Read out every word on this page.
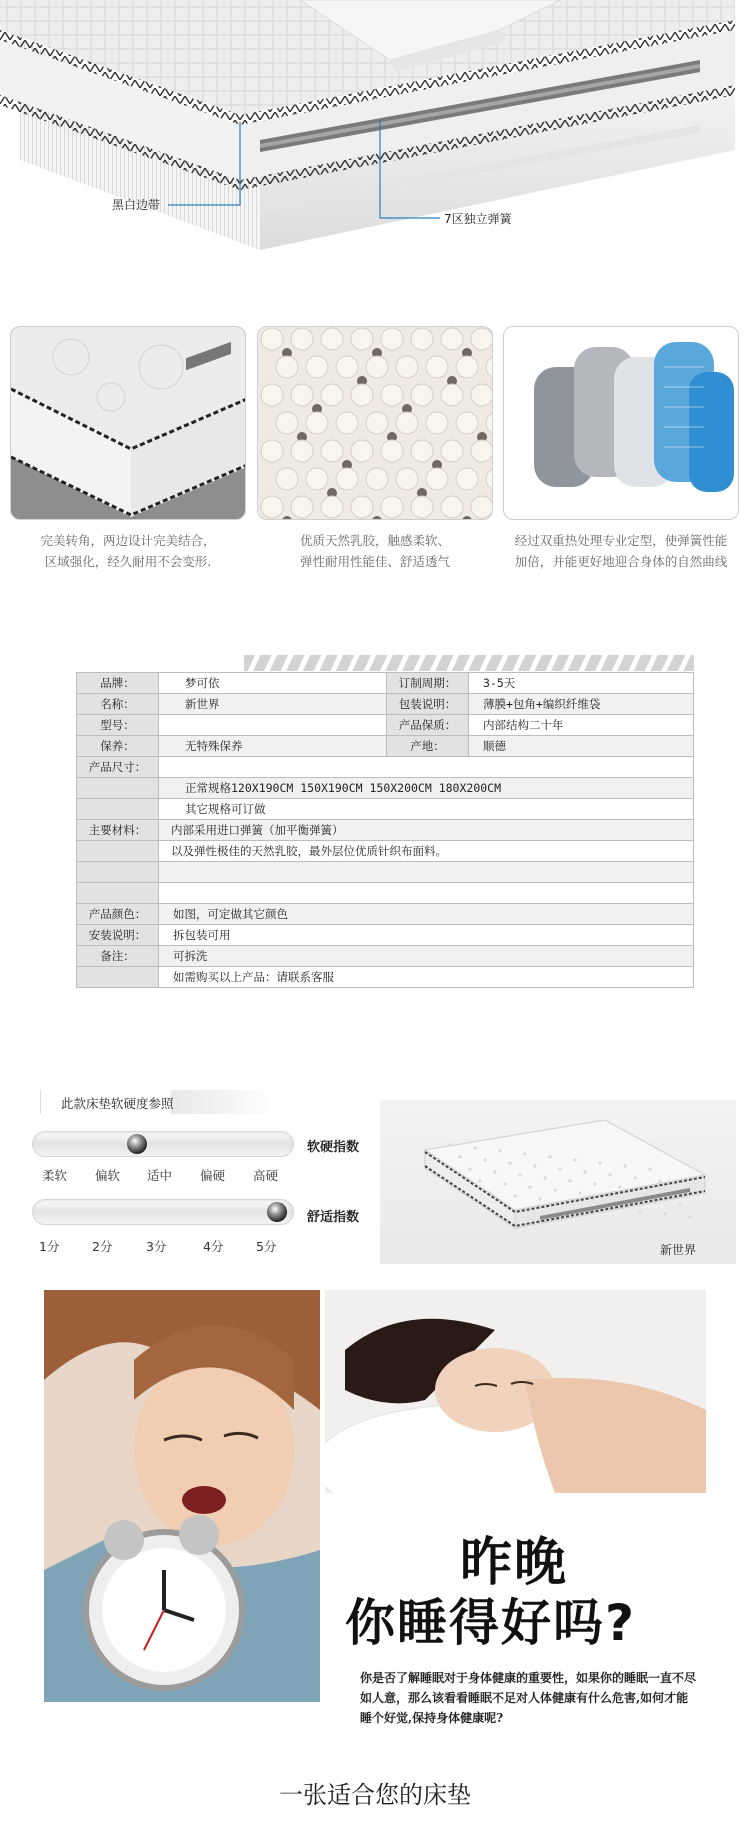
黑白边带
7区独立弹簧
完美转角，两边设计完美结合，
区域强化，经久耐用不会变形.
优质天然乳胶，触感柔软、
弹性耐用性能佳、舒适透气
经过双重热处理专业定型，使弹簧性能
加倍，并能更好地迎合身体的自然曲线
品牌：	梦可依	订制周期：	3-5天
名称：	新世界	包装说明：	薄膜+包角+编织纤维袋
型号：		产品保质：	内部结构二十年
保养：	无特殊保养	产地：	顺德
产品尺寸：			
	正常规格120X190CM 150X190CM 150X200CM 180X200CM		
	其它规格可订做		
主要材料：	内部采用进口弹簧（加平衡弹簧）		
	以及弹性极佳的天然乳胶，最外层位优质针织布面料。		

产品颜色：	如图，可定做其它颜色		
安装说明：	拆包装可用		
备注：	可拆洗		
	如需购买以上产品：请联系客服		
此款床垫软硬度参照
软硬指数
柔软 偏软 适中 偏硬 高硬
舒适指数
1分	2分	3分	4分	5分	新世界
昨晚
你睡得好吗?
你是否了解睡眠对于身体健康的重要性，如果你的睡眠一直不尽如人意，那么该看看睡眠不足对人体健康有什么危害,如何才能睡个好觉,保持身体健康呢?
一张适合您的床垫
